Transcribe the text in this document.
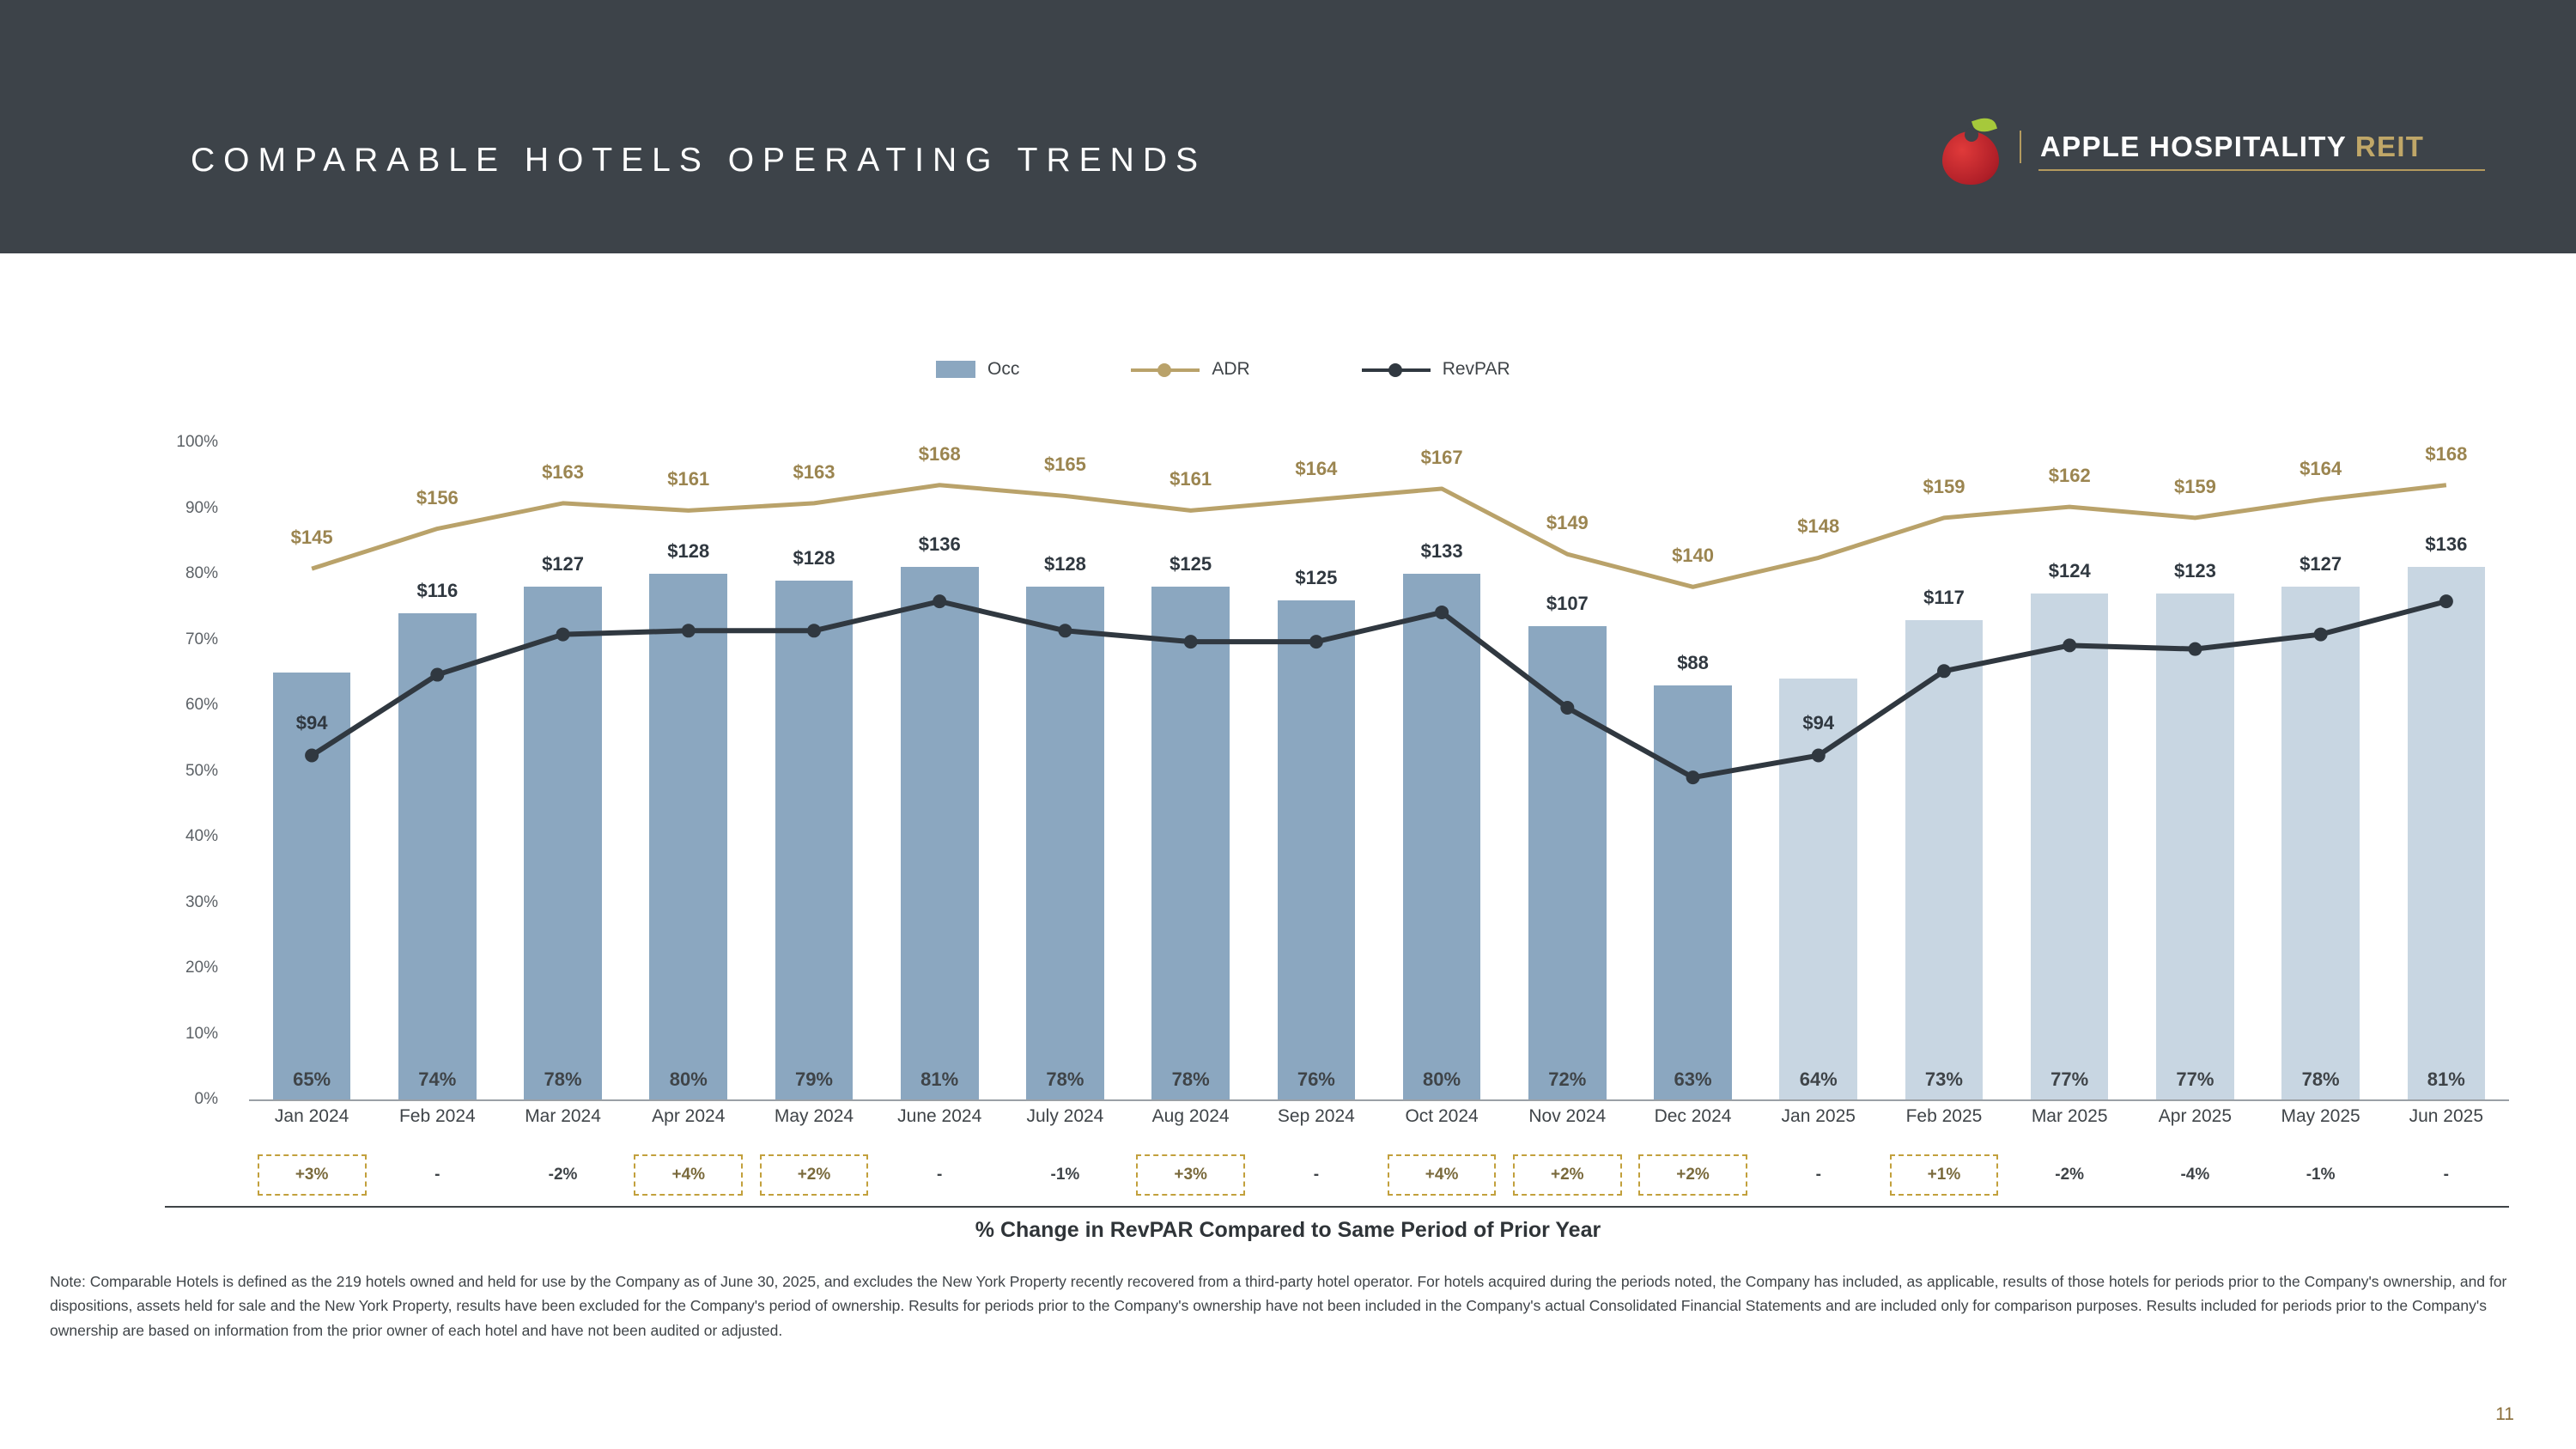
COMPARABLE HOTELS OPERATING TRENDS	APPLE HOSPITALITY REIT
Occ	ADR	RevPAR
0%
10%
20%
30%
40%
50%
60%
70%
80%
90%
100%
65%	74%	78%	80%	79%	81%	78%	78%	76%	80%	72%	63%	64%	73%	77%	77%	78%	81%
$145
$156
$163	$161	$163
$168
$165
$161
$164
$167
$149
$140
$148
$159
$162
$159
$164
$168
$94
$116
$127
$128	$128
$136
$128	$125
$125
$133
$107
$88
$94
$117
$124	$123	$127
$136
Jan 2024	Feb 2024	Mar 2024	Apr 2024	May 2024	June 2024	July 2024	Aug 2024	Sep 2024	Oct 2024	Nov 2024	Dec 2024	Jan 2025	Feb 2025	Mar 2025	Apr 2025	May 2025	Jun 2025
+3%	-	-2%	+4%	+2%	-	-1%	+3%	-	+4%	+2%	+2%	-	+1%	-2%	-4%	-1%	-
% Change in RevPAR Compared to Same Period of Prior Year
Note: Comparable Hotels is defined as the 219 hotels owned and held for use by the Company as of June 30, 2025, and excludes the New York Property recently recovered from a third-party hotel operator. For hotels acquired during the periods noted, the Company has included, as applicable, results of those hotels for periods prior to the Company's ownership, and for dispositions, assets held for sale and the New York Property, results have been excluded for the Company's period of ownership. Results for periods prior to the Company's ownership have not been included in the Company's actual Consolidated Financial Statements and are included only for comparison purposes. Results included for periods prior to the Company's ownership are based on information from the prior owner of each hotel and have not been audited or adjusted.
11
